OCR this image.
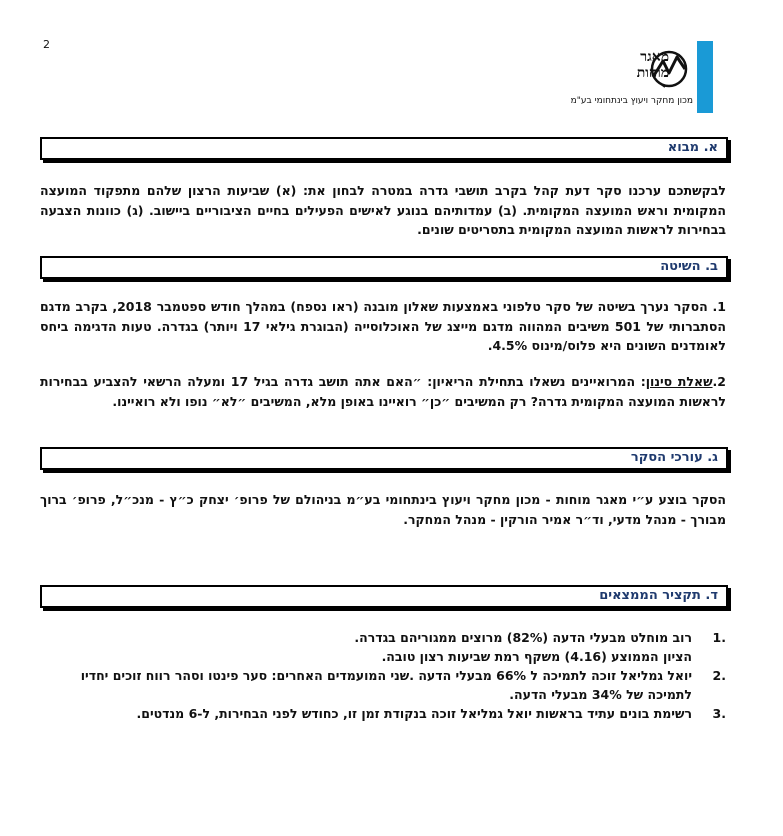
2
מאגר
מוחות
מכון מחקר ויעוץ בינתחומי בע"מ
א. מבוא

לבקשתכם ערכנו סקר דעת קהל בקרב תושבי גדרה במטרה לבחון את: (א) שביעות הרצון שלהם מתפקוד המועצה המקומית וראש המועצה המקומית. (ב) עמדותיהם בנוגע לאישים הפעילים בחיים הציבוריים ביישוב. (ג) כוונות הצבעה בבחירות לראשות המועצה המקומית בתסריטים שונים.

ב. השיטה

1. הסקר נערך בשיטה של סקר טלפוני באמצעות שאלון מובנה (ראו נספח) במהלך חודש ספטמבר 2018, בקרב מדגם הסתברותי של 501 משיבים המהווה מדגם מייצג של האוכלוסייה (הבוגרת גילאי 17 ויותר) בגדרה. טעות הדגימה ביחס לאומדנים השונים היא פלוס/מינוס 4.5%.

2.שאלת סינון: המרואיינים נשאלו בתחילת הריאיון: ״האם אתה תושב גדרה בגיל 17 ומעלה הרשאי להצביע בבחירות לראשות המועצה המקומית גדרה? רק המשיבים ״כן״ רואיינו באופן מלא, המשיבים ״לא״ נופו ולא רואיינו.

ג. עורכי הסקר

הסקר בוצע ע״י מאגר מוחות - מכון מחקר ויעוץ בינתחומי בע״מ בניהולם של פרופ׳ יצחק כ״ץ - מנכ״ל, פרופ׳ ברוך מבורך - מנהל מדעי, וד״ר אמיר הורקין - מנהל המחקר.

ד. תקציר הממצאים
.1

רוב מוחלט מבעלי הדעה (82%) מרוצים ממגוריהם בגדרה.

הציון הממוצע (4.16) משקף רמת שביעות רצון טובה.

.2

יואל גמליאל זוכה לתמיכה ל 66% מבעלי הדעה .שני המועמדים האחרים: סער פינטו וסהר רווח זוכים יחדיו לתמיכה של 34% מבעלי הדעה.

.3

רשימת בונים עתיד בראשות יואל גמליאל זוכה בנקודת זמן זו, כחודש לפני הבחירות, ל-6 מנדטים.
